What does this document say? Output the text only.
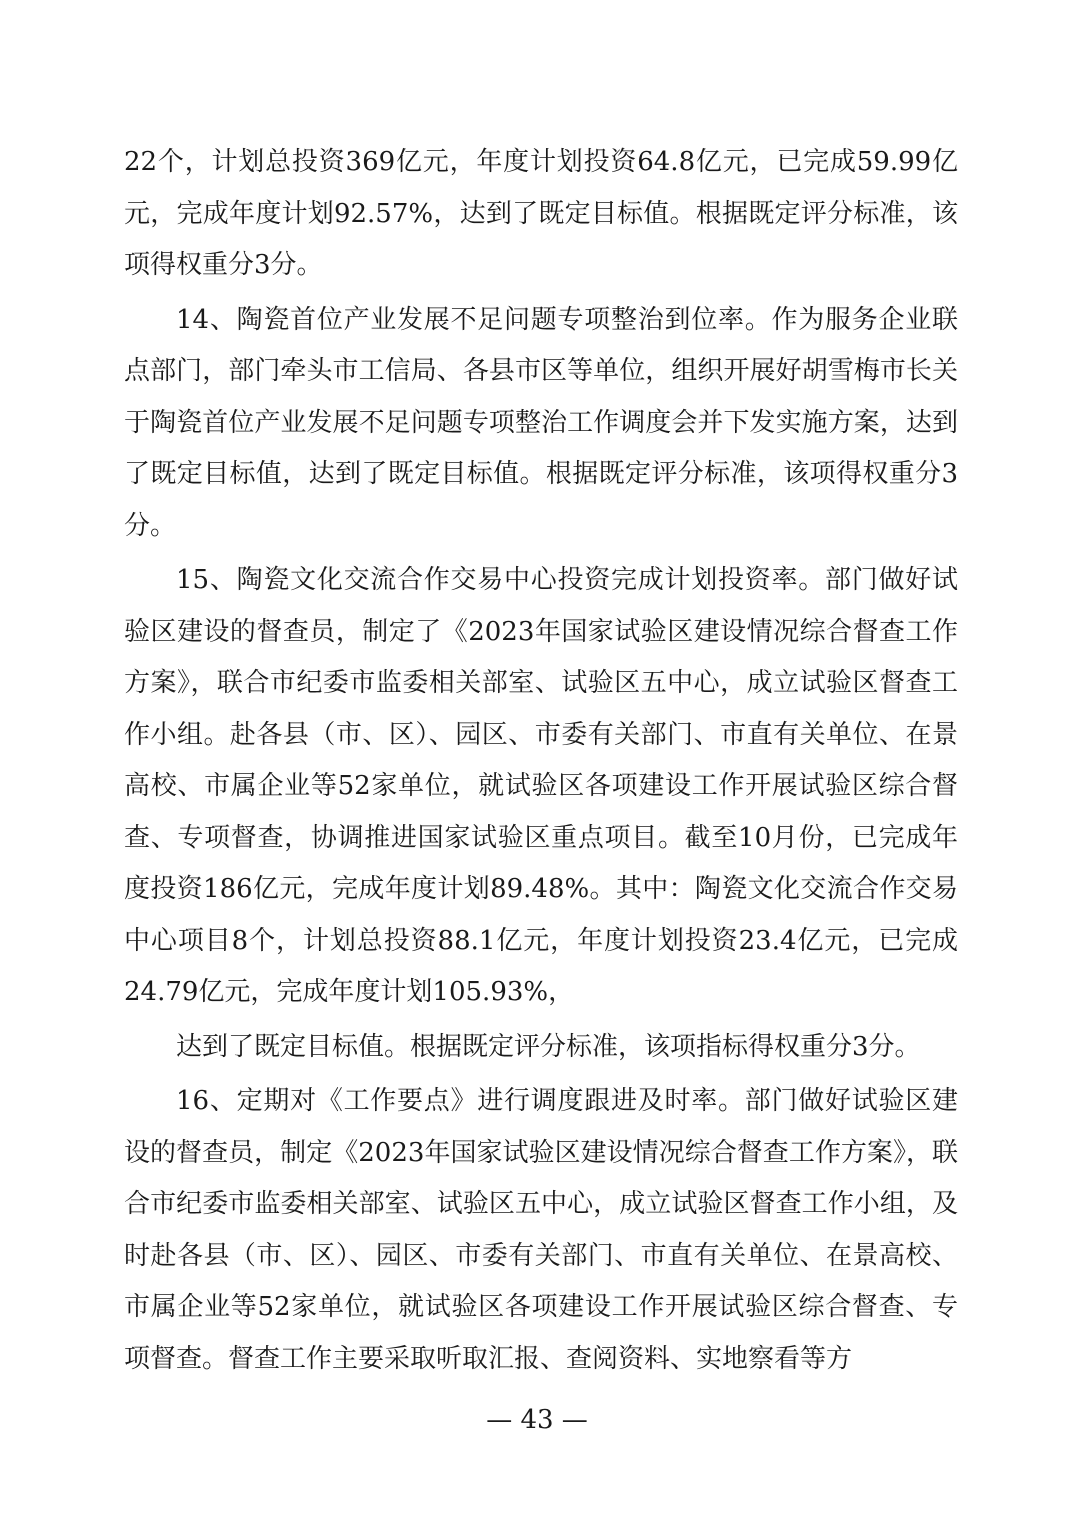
22个，计划总投资369亿元，年度计划投资64.8亿元，已完成59.99亿元，完成年度计划92.57%，达到了既定目标值。根据既定评分标准，该项得权重分3分。

14、陶瓷首位产业发展不足问题专项整治到位率。作为服务企业联点部门，部门牵头市工信局、各县市区等单位，组织开展好胡雪梅市长关于陶瓷首位产业发展不足问题专项整治工作调度会并下发实施方案，达到了既定目标值，达到了既定目标值。根据既定评分标准，该项得权重分3分。

15、陶瓷文化交流合作交易中心投资完成计划投资率。部门做好试验区建设的督查员，制定了《2023年国家试验区建设情况综合督查工作方案》，联合市纪委市监委相关部室、试验区五中心，成立试验区督查工作小组。赴各县（市、区）、园区、市委有关部门、市直有关单位、在景高校、市属企业等52家单位，就试验区各项建设工作开展试验区综合督查、专项督查，协调推进国家试验区重点项目。截至10月份，已完成年度投资186亿元，完成年度计划89.48%。其中：陶瓷文化交流合作交易中心项目8个，计划总投资88.1亿元，年度计划投资23.4亿元，已完成24.79亿元，完成年度计划105.93%，

达到了既定目标值。根据既定评分标准，该项指标得权重分3分。

16、定期对《工作要点》进行调度跟进及时率。部门做好试验区建设的督查员，制定《2023年国家试验区建设情况综合督查工作方案》，联合市纪委市监委相关部室、试验区五中心，成立试验区督查工作小组，及时赴各县（市、区）、园区、市委有关部门、市直有关单位、在景高校、市属企业等52家单位，就试验区各项建设工作开展试验区综合督查、专项督查。督查工作主要采取听取汇报、查阅资料、实地察看等方

— 43 —
